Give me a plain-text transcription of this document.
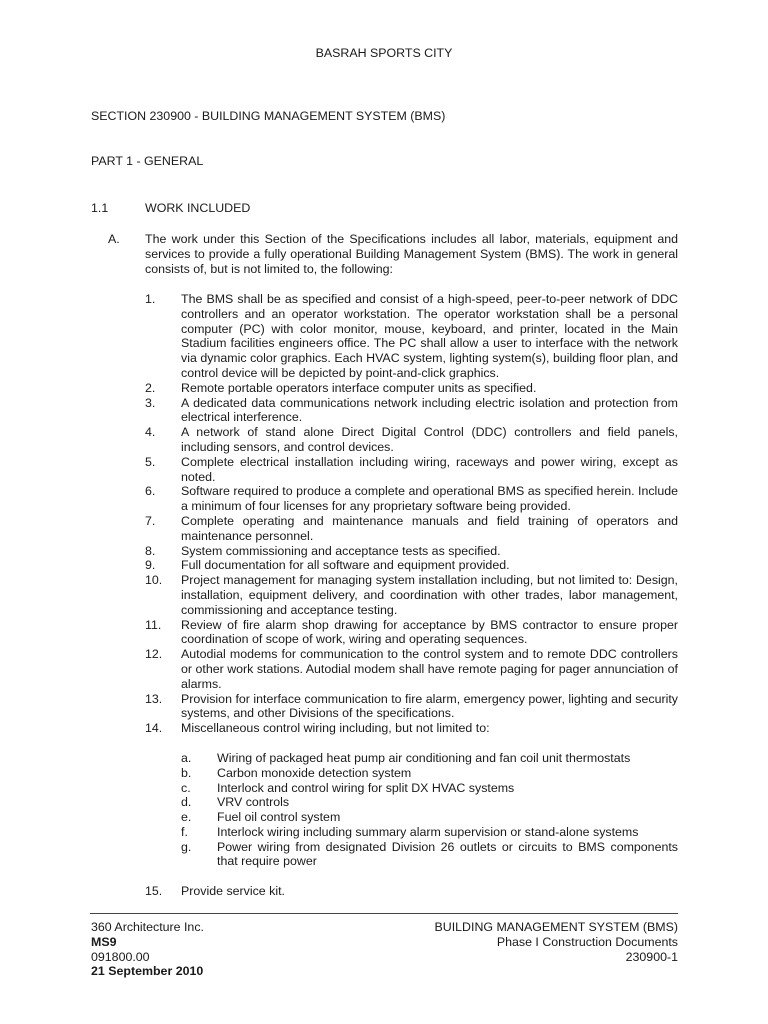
BASRAH SPORTS CITY
SECTION 230900 - BUILDING MANAGEMENT SYSTEM (BMS)
PART 1 - GENERAL
1.1	WORK INCLUDED
A. The work under this Section of the Specifications includes all labor, materials, equipment and services to provide a fully operational Building Management System (BMS). The work in general consists of, but is not limited to, the following:
1.	The BMS shall be as specified and consist of a high-speed, peer-to-peer network of DDC controllers and an operator workstation. The operator workstation shall be a personal computer (PC) with color monitor, mouse, keyboard, and printer, located in the Main Stadium facilities engineers office. The PC shall allow a user to interface with the network via dynamic color graphics. Each HVAC system, lighting system(s), building floor plan, and control device will be depicted by point-and-click graphics.
2.	Remote portable operators interface computer units as specified.
3.	A dedicated data communications network including electric isolation and protection from electrical interference.
4.	A network of stand alone Direct Digital Control (DDC) controllers and field panels, including sensors, and control devices.
5.	Complete electrical installation including wiring, raceways and power wiring, except as noted.
6.	Software required to produce a complete and operational BMS as specified herein. Include a minimum of four licenses for any proprietary software being provided.
7.	Complete operating and maintenance manuals and field training of operators and maintenance personnel.
8.	System commissioning and acceptance tests as specified.
9.	Full documentation for all software and equipment provided.
10.	Project management for managing system installation including, but not limited to: Design, installation, equipment delivery, and coordination with other trades, labor management, commissioning and acceptance testing.
11.	Review of fire alarm shop drawing for acceptance by BMS contractor to ensure proper coordination of scope of work, wiring and operating sequences.
12.	Autodial modems for communication to the control system and to remote DDC controllers or other work stations. Autodial modem shall have remote paging for pager annunciation of alarms.
13.	Provision for interface communication to fire alarm, emergency power, lighting and security systems, and other Divisions of the specifications.
14.	Miscellaneous control wiring including, but not limited to:
a.	Wiring of packaged heat pump air conditioning and fan coil unit thermostats
b.	Carbon monoxide detection system
c.	Interlock and control wiring for split DX HVAC systems
d.	VRV controls
e.	Fuel oil control system
f.	Interlock wiring including summary alarm supervision or stand-alone systems
g.	Power wiring from designated Division 26 outlets or circuits to BMS components that require power
15.	Provide service kit.
360 Architecture Inc.
MS9
091800.00
21 September 2010
BUILDING MANAGEMENT SYSTEM (BMS)
Phase I Construction Documents
230900-1
